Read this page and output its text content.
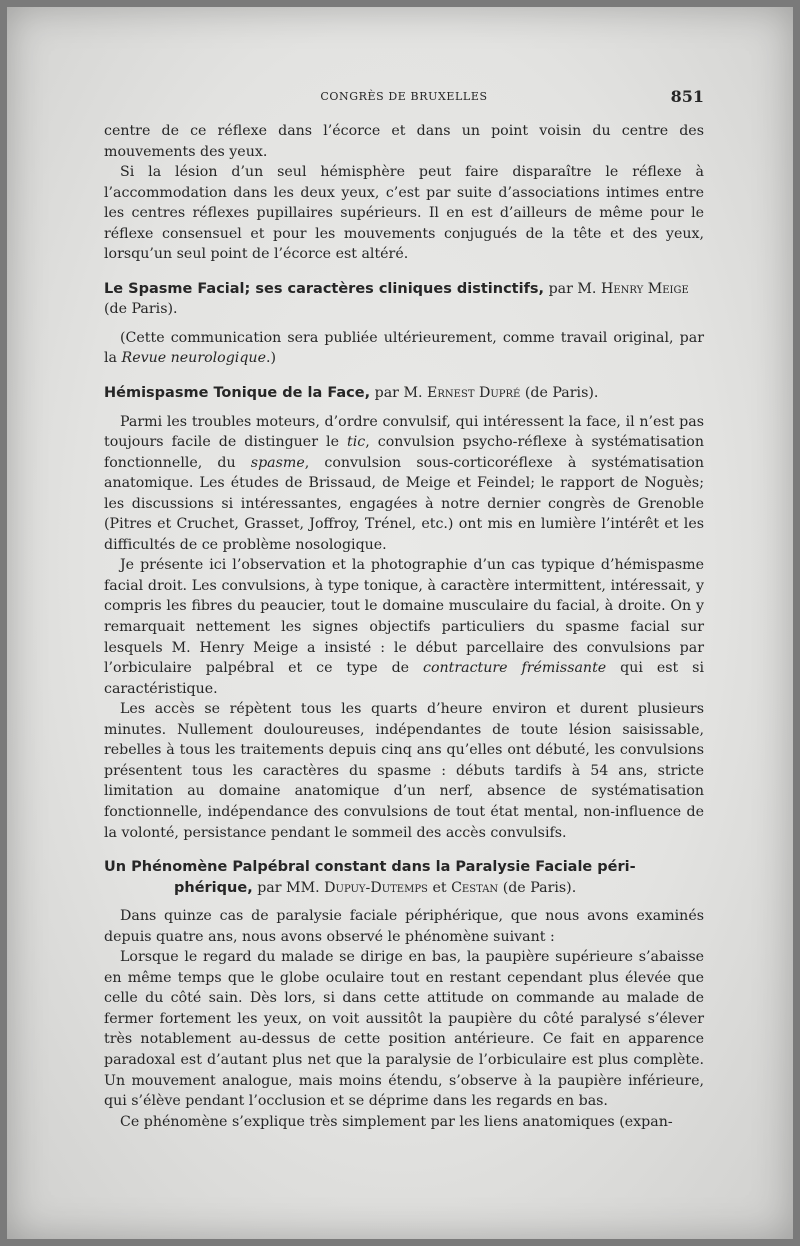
CONGRÈS DE BRUXELLES	851

centre de ce réflexe dans l’écorce et dans un point voisin du centre des mouvements des yeux.

Si la lésion d’un seul hémisphère peut faire disparaître le réflexe à l’accommodation dans les deux yeux, c’est par suite d’associations intimes entre les centres réflexes pupillaires supérieurs. Il en est d’ailleurs de même pour le réflexe consensuel et pour les mouvements conjugués de la tête et des yeux, lorsqu’un seul point de l’écorce est altéré.

Le Spasme Facial; ses caractères cliniques distinctifs, par M. Henry Meige (de Paris).

(Cette communication sera publiée ultérieurement, comme travail original, par la Revue neurologique.)

Hémispasme Tonique de la Face, par M. Ernest Dupré (de Paris).

Parmi les troubles moteurs, d’ordre convulsif, qui intéressent la face, il n’est pas toujours facile de distinguer le tic, convulsion psycho-réflexe à systématisation fonctionnelle, du spasme, convulsion sous-corticoréflexe à systématisation anatomique. Les études de Brissaud, de Meige et Feindel; le rapport de Noguès; les discussions si intéressantes, engagées à notre dernier congrès de Grenoble (Pitres et Cruchet, Grasset, Joffroy, Trénel, etc.) ont mis en lumière l’intérêt et les difficultés de ce problème nosologique.

Je présente ici l’observation et la photographie d’un cas typique d’hémispasme facial droit. Les convulsions, à type tonique, à caractère intermittent, intéressait, y compris les fibres du peaucier, tout le domaine musculaire du facial, à droite. On y remarquait nettement les signes objectifs particuliers du spasme facial sur lesquels M. Henry Meige a insisté : le début parcellaire des convulsions par l’orbiculaire palpébral et ce type de contracture frémissante qui est si caractéristique.

Les accès se répètent tous les quarts d’heure environ et durent plusieurs minutes. Nullement douloureuses, indépendantes de toute lésion saisissable, rebelles à tous les traitements depuis cinq ans qu’elles ont débuté, les convulsions présentent tous les caractères du spasme : débuts tardifs à 54 ans, stricte limitation au domaine anatomique d’un nerf, absence de systématisation fonctionnelle, indépendance des convulsions de tout état mental, non-influence de la volonté, persistance pendant le sommeil des accès convulsifs.

Un Phénomène Palpébral constant dans la Paralysie Faciale péri-
phérique, par MM. Dupuy-Dutemps et Cestan (de Paris).

Dans quinze cas de paralysie faciale périphérique, que nous avons examinés depuis quatre ans, nous avons observé le phénomène suivant :

Lorsque le regard du malade se dirige en bas, la paupière supérieure s’abaisse en même temps que le globe oculaire tout en restant cependant plus élevée que celle du côté sain. Dès lors, si dans cette attitude on commande au malade de fermer fortement les yeux, on voit aussitôt la paupière du côté paralysé s’élever très notablement au-dessus de cette position antérieure. Ce fait en apparence paradoxal est d’autant plus net que la paralysie de l’orbiculaire est plus complète. Un mouvement analogue, mais moins étendu, s’observe à la paupière inférieure, qui s’élève pendant l’occlusion et se déprime dans les regards en bas.

Ce phénomène s’explique très simplement par les liens anatomiques (expan-
